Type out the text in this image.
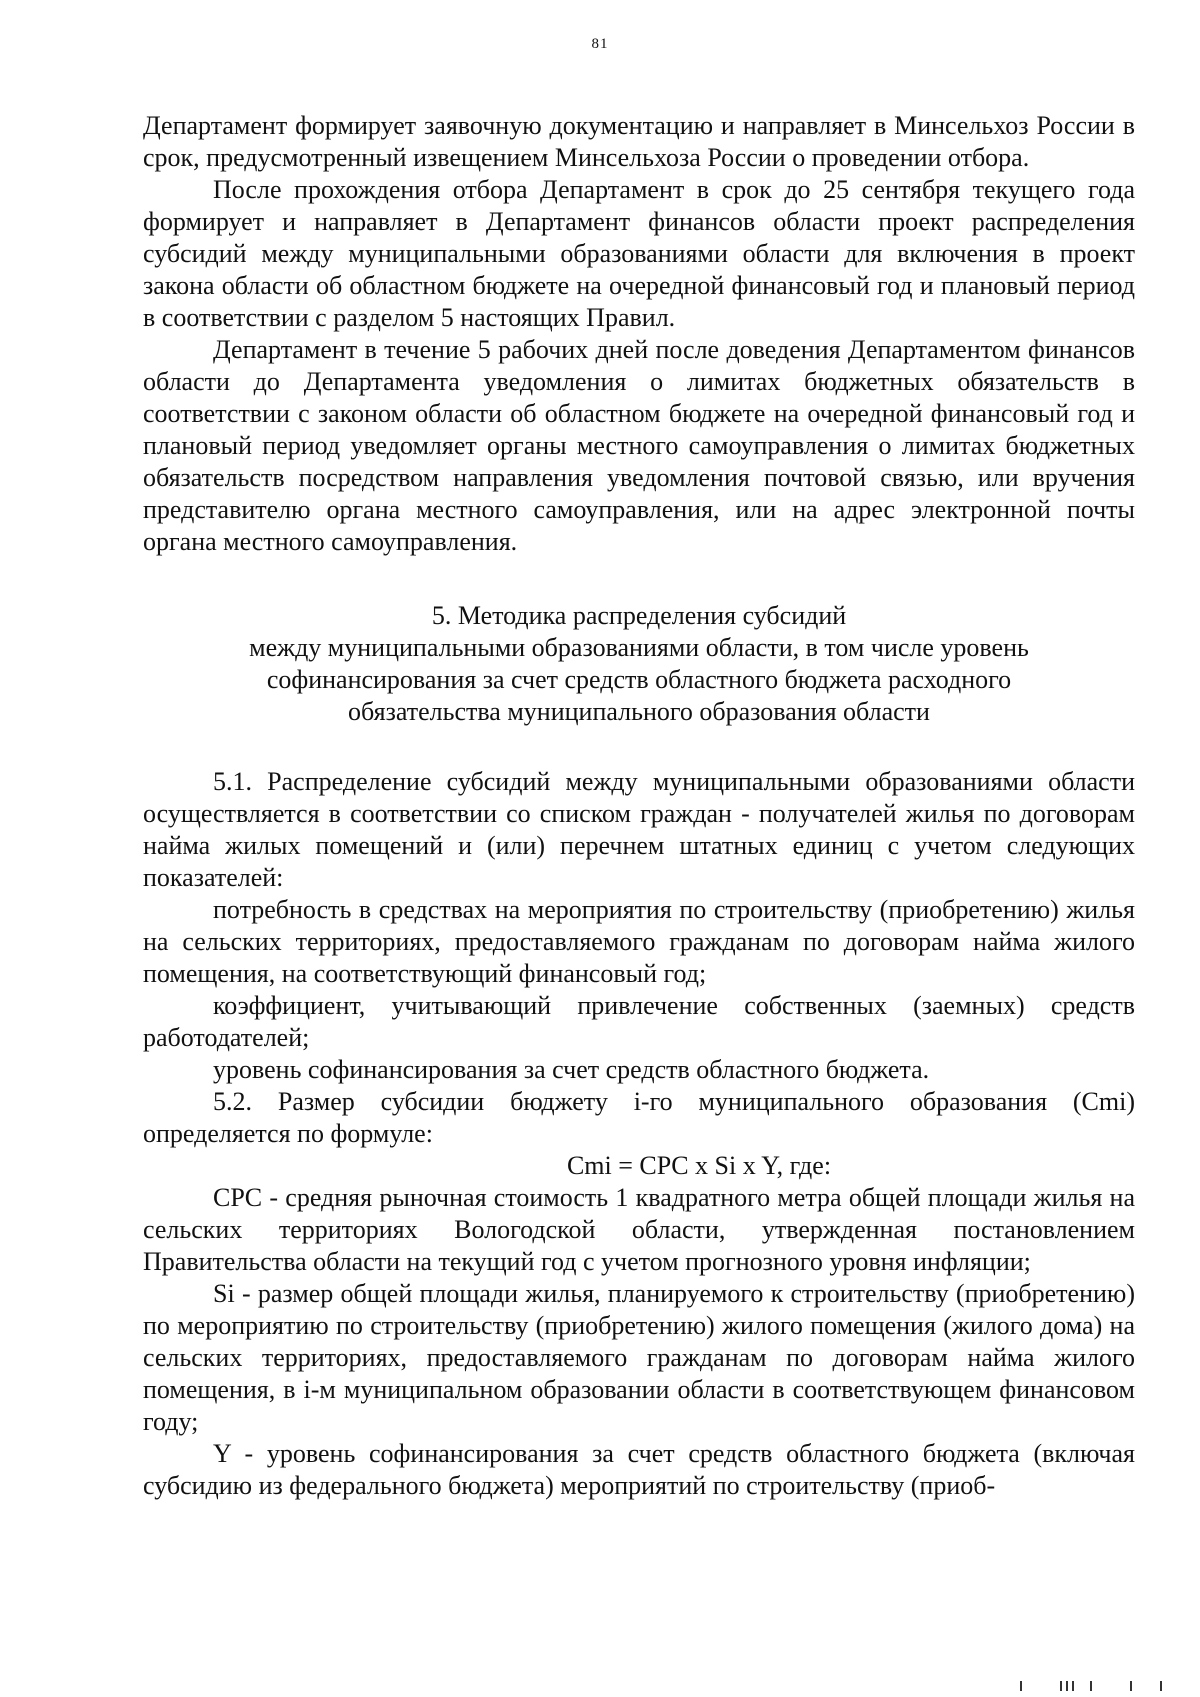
81

Департамент формирует заявочную документацию и направляет в Минсельхоз России в срок, предусмотренный извещением Минсельхоза России о проведении отбора.

После прохождения отбора Департамент в срок до 25 сентября текущего года формирует и направляет в Департамент финансов области проект распределения субсидий между муниципальными образованиями области для включения в проект закона области об областном бюджете на очередной финансовый год и плановый период в соответствии с разделом 5 настоящих Правил.

Департамент в течение 5 рабочих дней после доведения Департаментом финансов области до Департамента уведомления о лимитах бюджетных обязательств в соответствии с законом области об областном бюджете на очередной финансовый год и плановый период уведомляет органы местного самоуправления о лимитах бюджетных обязательств посредством направления уведомления почтовой связью, или вручения представителю органа местного самоуправления, или на адрес электронной почты органа местного самоуправления.

5. Методика распределения субсидий

между муниципальными образованиями области, в том числе уровень

софинансирования за счет средств областного бюджета расходного

обязательства муниципального образования области

5.1. Распределение субсидий между муниципальными образованиями области осуществляется в соответствии со списком граждан - получателей жилья по договорам найма жилых помещений и (или) перечнем штатных единиц с учетом следующих показателей:

потребность в средствах на мероприятия по строительству (приобретению) жилья на сельских территориях, предоставляемого гражданам по договорам найма жилого помещения, на соответствующий финансовый год;

коэффициент, учитывающий привлечение собственных (заемных) средств работодателей;

уровень софинансирования за счет средств областного бюджета.

5.2. Размер субсидии бюджету i-го муниципального образования (Cmi) определяется по формуле:

Cmi = CPC x Si x Y, где:

CPC - средняя рыночная стоимость 1 квадратного метра общей площади жилья на сельских территориях Вологодской области, утвержденная постановлением Правительства области на текущий год с учетом прогнозного уровня инфляции;

Si - размер общей площади жилья, планируемого к строительству (приобретению) по мероприятию по строительству (приобретению) жилого помещения (жилого дома) на сельских территориях, предоставляемого гражданам по договорам найма жилого помещения, в i-м муниципальном образовании области в соответствующем финансовом году;

Y - уровень софинансирования за счет средств областного бюджета (включая субсидию из федерального бюджета) мероприятий по строительству (приоб-
